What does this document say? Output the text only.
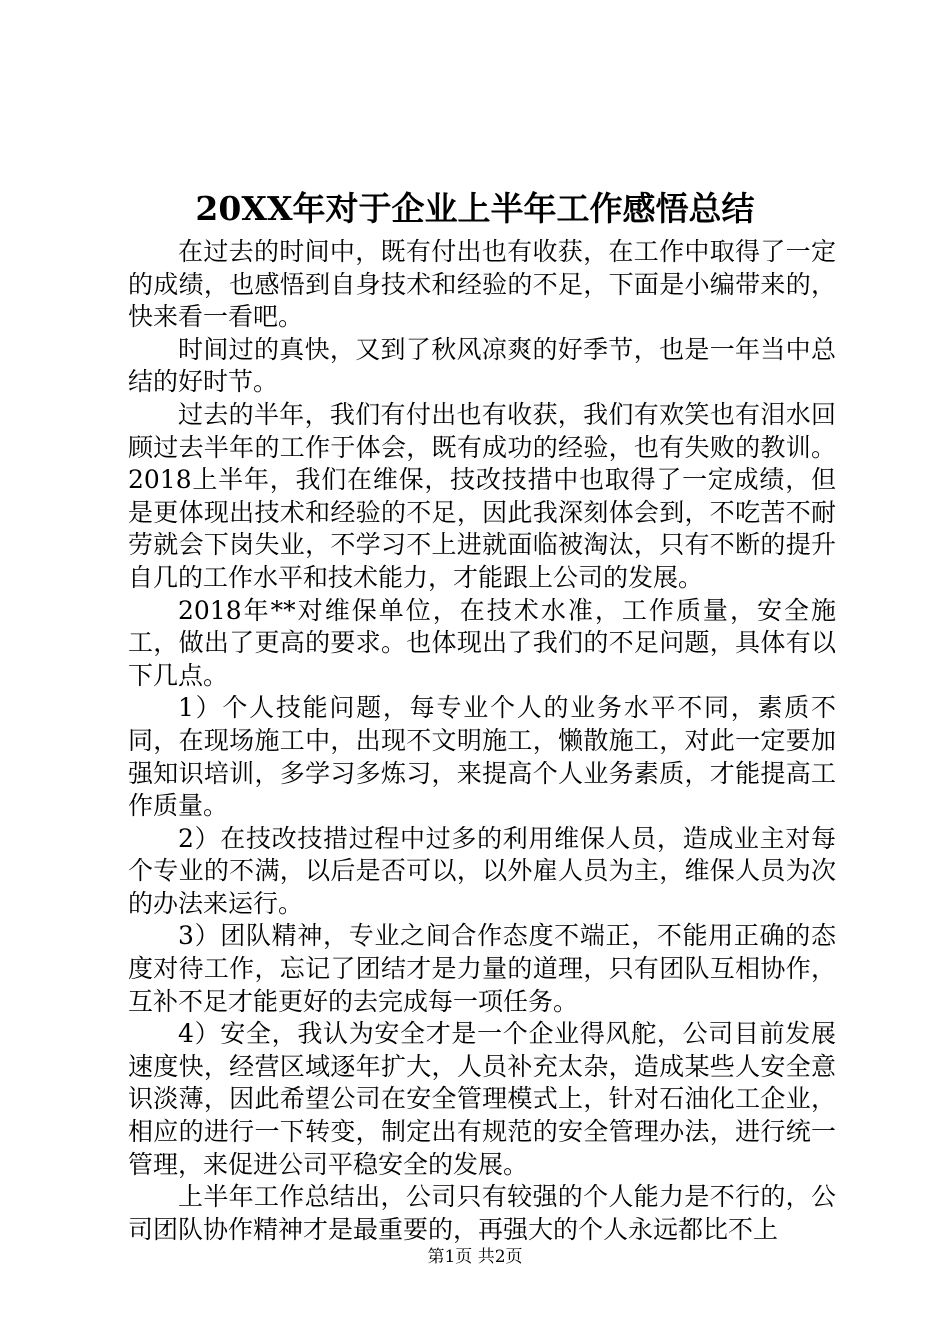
20XX年对于企业上半年工作感悟总结

在过去的时间中，既有付出也有收获，在工作中取得了一定的成绩，也感悟到自身技术和经验的不足，下面是小编带来的，快来看一看吧。

时间过的真快，又到了秋风凉爽的好季节，也是一年当中总结的好时节。

过去的半年，我们有付出也有收获，我们有欢笑也有泪水回顾过去半年的工作于体会，既有成功的经验，也有失败的教训。2018上半年，我们在维保，技改技措中也取得了一定成绩，但是更体现出技术和经验的不足，因此我深刻体会到，不吃苦不耐劳就会下岗失业，不学习不上进就面临被淘汰，只有不断的提升自几的工作水平和技术能力，才能跟上公司的发展。

2018年**对维保单位，在技术水准，工作质量，安全施工，做出了更高的要求。也体现出了我们的不足问题，具体有以下几点。

1）个人技能问题，每专业个人的业务水平不同，素质不同，在现场施工中，出现不文明施工，懒散施工，对此一定要加强知识培训，多学习多炼习，来提高个人业务素质，才能提高工作质量。

2）在技改技措过程中过多的利用维保人员，造成业主对每个专业的不满，以后是否可以，以外雇人员为主，维保人员为次的办法来运行。

3）团队精神，专业之间合作态度不端正，不能用正确的态度对待工作，忘记了团结才是力量的道理，只有团队互相协作，互补不足才能更好的去完成每一项任务。

4）安全，我认为安全才是一个企业得风舵，公司目前发展速度快，经营区域逐年扩大，人员补充太杂，造成某些人安全意识淡薄，因此希望公司在安全管理模式上，针对石油化工企业，相应的进行一下转变，制定出有规范的安全管理办法，进行统一管理，来促进公司平稳安全的发展。

上半年工作总结出，公司只有较强的个人能力是不行的，公司团队协作精神才是最重要的，再强大的个人永远都比不上

第1页 共2页
